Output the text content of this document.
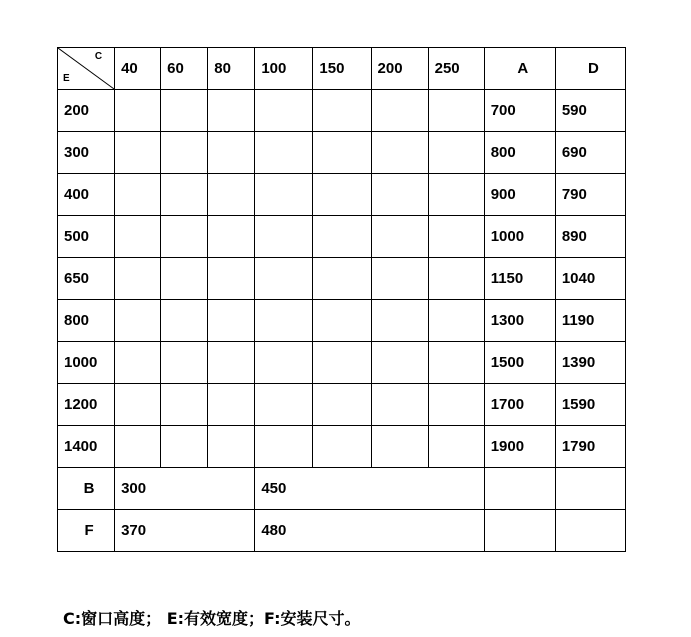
C
E	40	60	80	100	150	200	250	A	D
200								700	590
300								800	690
400								900	790
500								1000	890
650								1150	1040
800								1300	1190
1000								1500	1390
1200								1700	1590
1400								1900	1790
B	300			450					
F	370			480					
C:窗口高度； E:有效宽度；F:安装尺寸。
